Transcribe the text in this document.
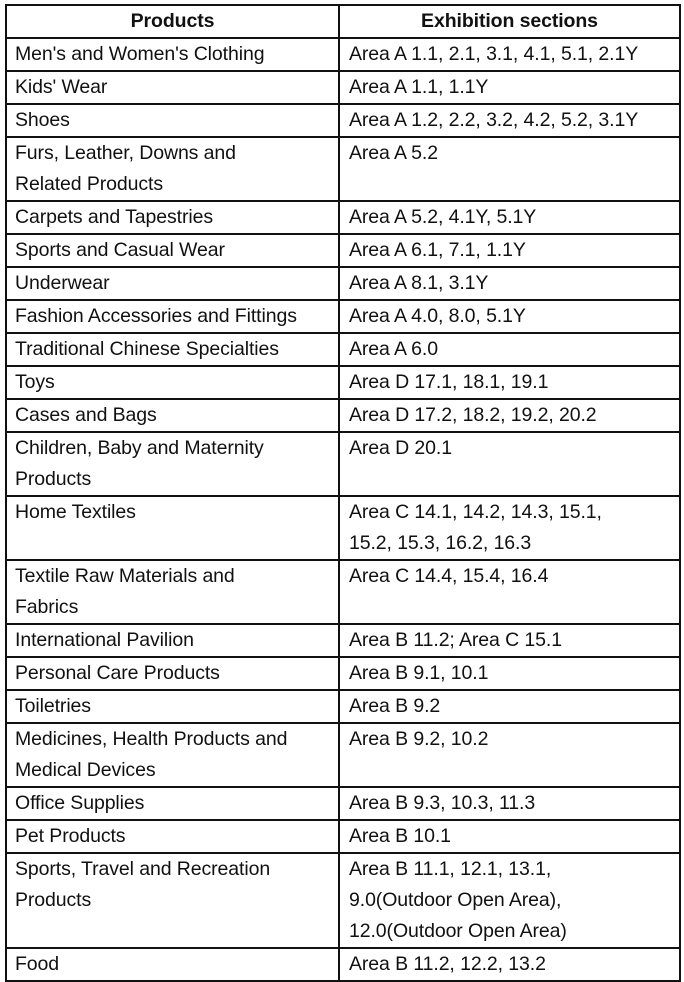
Products	Exhibition sections

Men's and Women's Clothing	Area A 1.1, 2.1, 3.1, 4.1, 5.1, 2.1Y

Kids' Wear	Area A 1.1, 1.1Y

Shoes	Area A 1.2, 2.2, 3.2, 4.2, 5.2, 3.1Y

Furs, Leather, Downs and
Related Products	Area A 5.2

Carpets and Tapestries	Area A 5.2, 4.1Y, 5.1Y

Sports and Casual Wear	Area A 6.1, 7.1, 1.1Y

Underwear	Area A 8.1, 3.1Y

Fashion Accessories and Fittings	Area A 4.0, 8.0, 5.1Y

Traditional Chinese Specialties	Area A 6.0

Toys	Area D 17.1, 18.1, 19.1

Cases and Bags	Area D 17.2, 18.2, 19.2, 20.2

Children, Baby and Maternity
Products	Area D 20.1

Home Textiles	Area C 14.1, 14.2, 14.3, 15.1,
15.2, 15.3, 16.2, 16.3

Textile Raw Materials and
Fabrics	Area C 14.4, 15.4, 16.4

International Pavilion	Area B 11.2; Area C 15.1

Personal Care Products	Area B 9.1, 10.1

Toiletries	Area B 9.2

Medicines, Health Products and
Medical Devices	Area B 9.2, 10.2

Office Supplies	Area B 9.3, 10.3, 11.3

Pet Products	Area B 10.1

Sports, Travel and Recreation
Products	Area B 11.1, 12.1, 13.1,
9.0(Outdoor Open Area),
12.0(Outdoor Open Area)

Food	Area B 11.2, 12.2, 13.2
